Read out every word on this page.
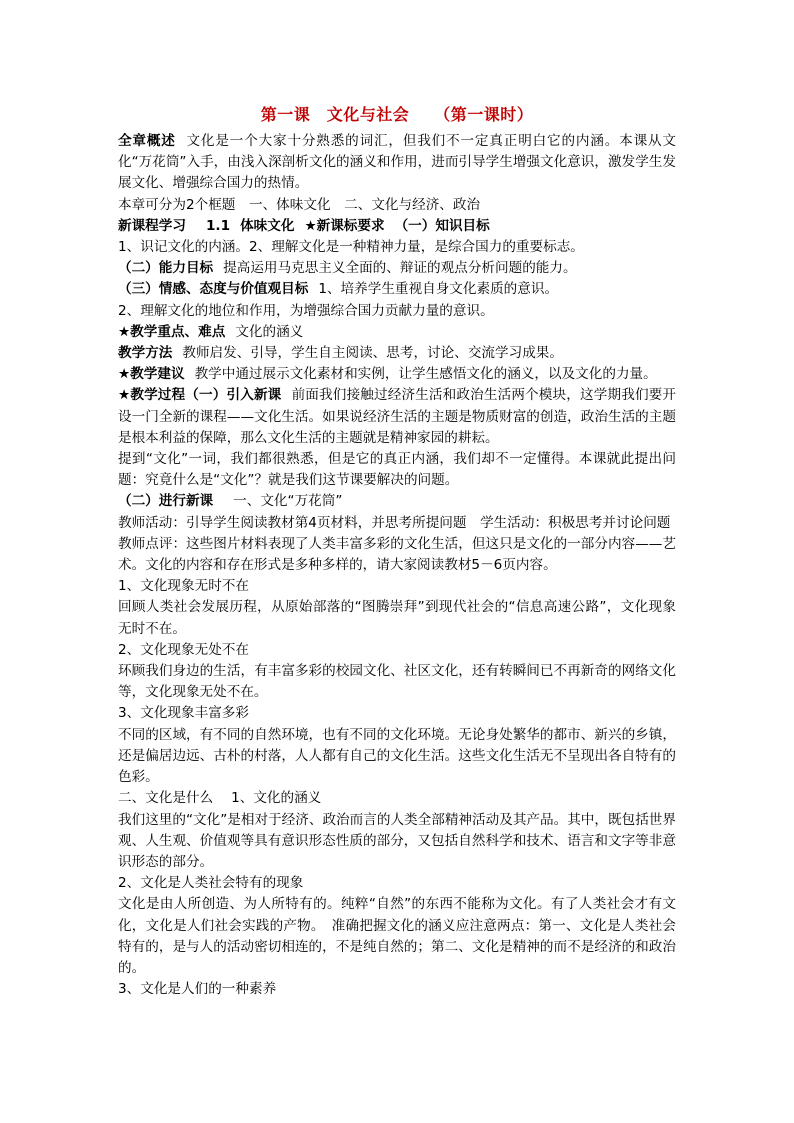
第一课　文化与社会　　（第一课时）

全章概述 文化是一个大家十分熟悉的词汇，但我们不一定真正明白它的内涵。本课从文化“万花筒”入手，由浅入深剖析文化的涵义和作用，进而引导学生增强文化意识，激发学生发展文化、增强综合国力的热情。

本章可分为2个框题　一、体味文化　二、文化与经济、政治

新课程学习 1.1 体味文化 ★新课标要求 （一）知识目标

1、识记文化的内涵。2、理解文化是一种精神力量，是综合国力的重要标志。

（二）能力目标 提高运用马克思主义全面的、辩证的观点分析问题的能力。

（三）情感、态度与价值观目标 1、培养学生重视自身文化素质的意识。

2、理解文化的地位和作用，为增强综合国力贡献力量的意识。

★教学重点、难点 文化的涵义

教学方法 教师启发、引导，学生自主阅读、思考，讨论、交流学习成果。

★教学建议 教学中通过展示文化素材和实例，让学生感悟文化的涵义，以及文化的力量。

★教学过程（一）引入新课 前面我们接触过经济生活和政治生活两个模块，这学期我们要开设一门全新的课程——文化生活。如果说经济生活的主题是物质财富的创造，政治生活的主题是根本利益的保障，那么文化生活的主题就是精神家园的耕耘。

提到“文化”一词，我们都很熟悉，但是它的真正内涵，我们却不一定懂得。本课就此提出问题：究竟什么是“文化”？就是我们这节课要解决的问题。

（二）进行新课 一、文化“万花筒”

教师活动：引导学生阅读教材第4页材料，并思考所提问题　学生活动：积极思考并讨论问题

教师点评：这些图片材料表现了人类丰富多彩的文化生活，但这只是文化的一部分内容——艺术。文化的内容和存在形式是多种多样的，请大家阅读教材5－6页内容。

1、文化现象无时不在

回顾人类社会发展历程，从原始部落的“图腾崇拜”到现代社会的“信息高速公路”，文化现象无时不在。

2、文化现象无处不在

环顾我们身边的生活，有丰富多彩的校园文化、社区文化，还有转瞬间已不再新奇的网络文化等，文化现象无处不在。

3、文化现象丰富多彩

不同的区域，有不同的自然环境，也有不同的文化环境。无论身处繁华的都市、新兴的乡镇，还是偏居边远、古朴的村落，人人都有自己的文化生活。这些文化生活无不呈现出各自特有的色彩。

二、文化是什么　 1、文化的涵义

我们这里的“文化”是相对于经济、政治而言的人类全部精神活动及其产品。其中，既包括世界观、人生观、价值观等具有意识形态性质的部分，又包括自然科学和技术、语言和文字等非意识形态的部分。

2、文化是人类社会特有的现象

文化是由人所创造、为人所特有的。纯粹“自然”的东西不能称为文化。有了人类社会才有文化，文化是人们社会实践的产物。　准确把握文化的涵义应注意两点：第一、文化是人类社会特有的，是与人的活动密切相连的，不是纯自然的；第二、文化是精神的而不是经济的和政治的。

3、文化是人们的一种素养
